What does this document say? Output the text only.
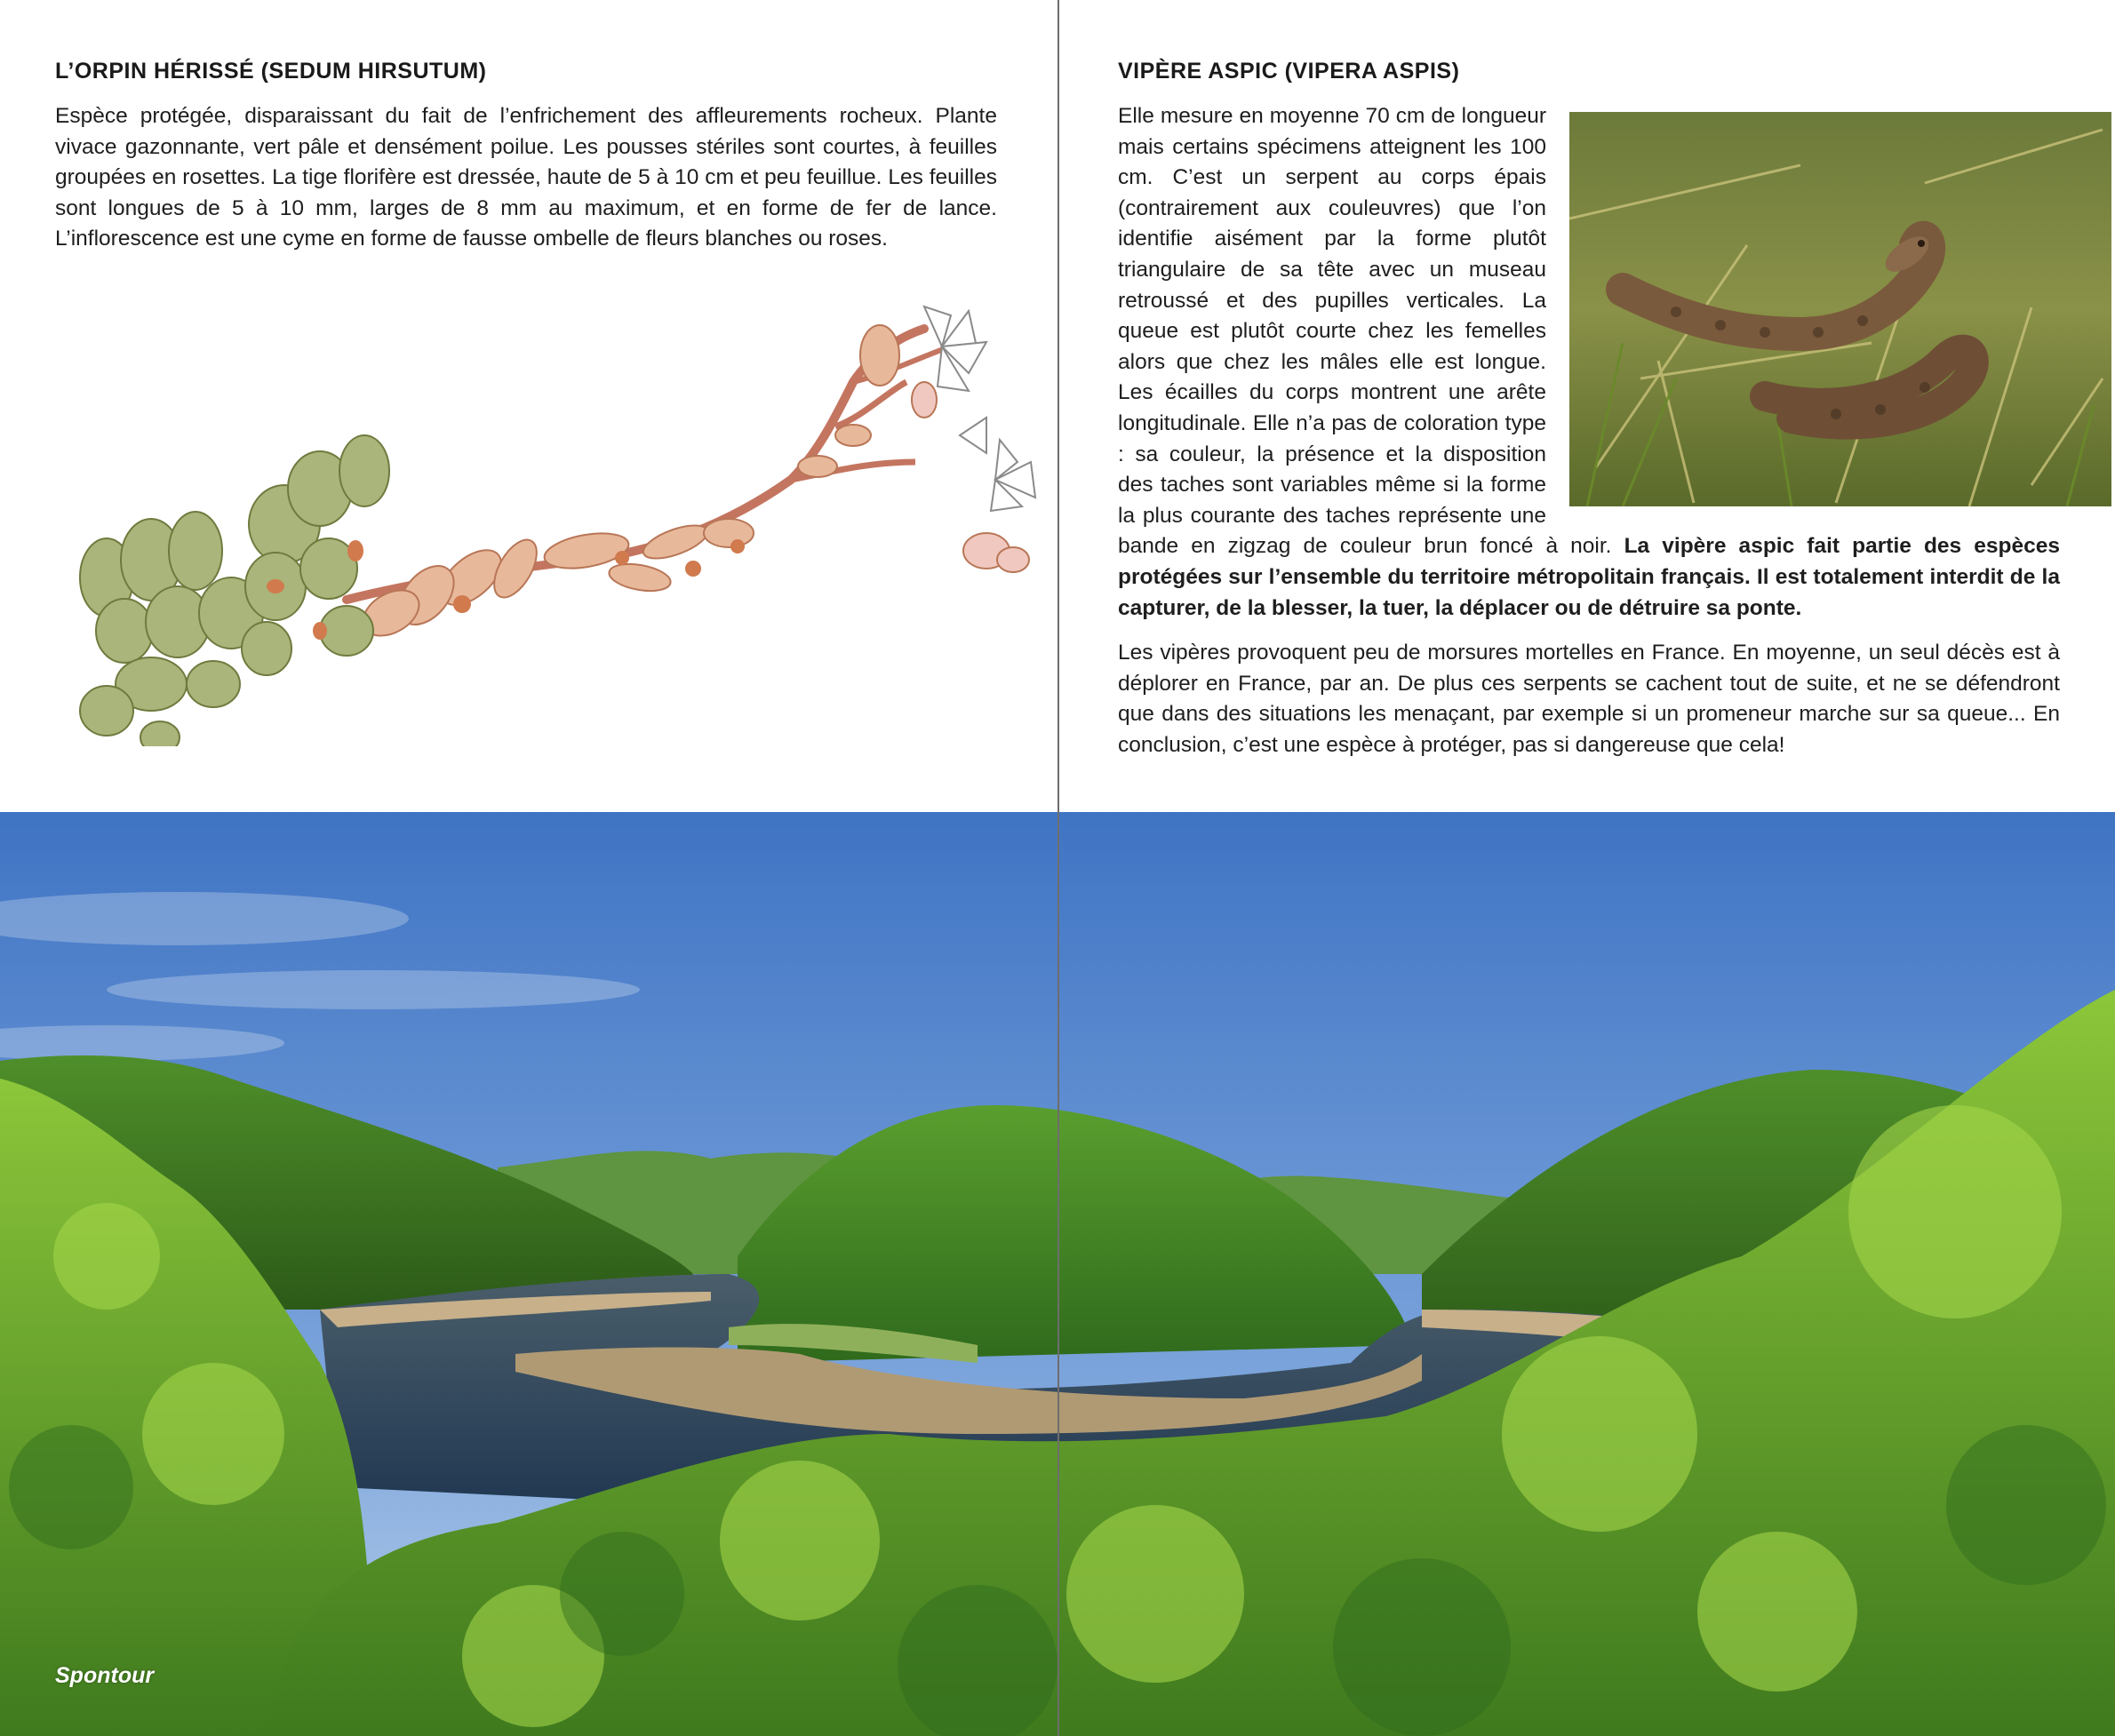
L’ORPIN HÉRISSÉ (SEDUM HIRSUTUM)

Espèce protégée, disparaissant du fait de l’enfrichement des affleurements rocheux. Plante vivace gazonnante, vert pâle et densément poilue. Les pousses stériles sont courtes, à feuilles groupées en rosettes. La tige florifère est dressée, haute de 5 à 10 cm et peu feuillue. Les feuilles sont longues de 5 à 10 mm, larges de 8 mm au maximum, et en forme de fer de lance. L’inflorescence est une cyme en forme de fausse ombelle de fleurs blanches ou roses.

VIPÈRE ASPIC (VIPERA ASPIS)

Elle mesure en moyenne 70 cm de longueur mais certains spécimens atteignent les 100 cm. C’est un serpent au corps épais (contrairement aux couleuvres) que l’on identifie aisément par la forme plutôt triangulaire de sa tête avec un museau retroussé et des pupilles verticales. La queue est plutôt courte chez les femelles alors que chez les mâles elle est longue. Les écailles du corps montrent une arête longitudinale. Elle n’a pas de coloration type : sa couleur, la présence et la disposition des taches sont variables même si la forme la plus courante des taches représente une bande en zigzag de couleur brun foncé à noir. La vipère aspic fait partie des espèces protégées sur l’ensemble du territoire métropolitain français. Il est totalement interdit de la capturer, de la blesser, la tuer, la déplacer ou de détruire sa ponte.

Les vipères provoquent peu de morsures mortelles en France. En moyenne, un seul décès est à déplorer en France, par an. De plus ces serpents se cachent tout de suite, et ne se défendront que dans des situations les menaçant, par exemple si un promeneur marche sur sa queue... En conclusion, c’est une espèce à protéger, pas si dangereuse que cela!

Spontour
